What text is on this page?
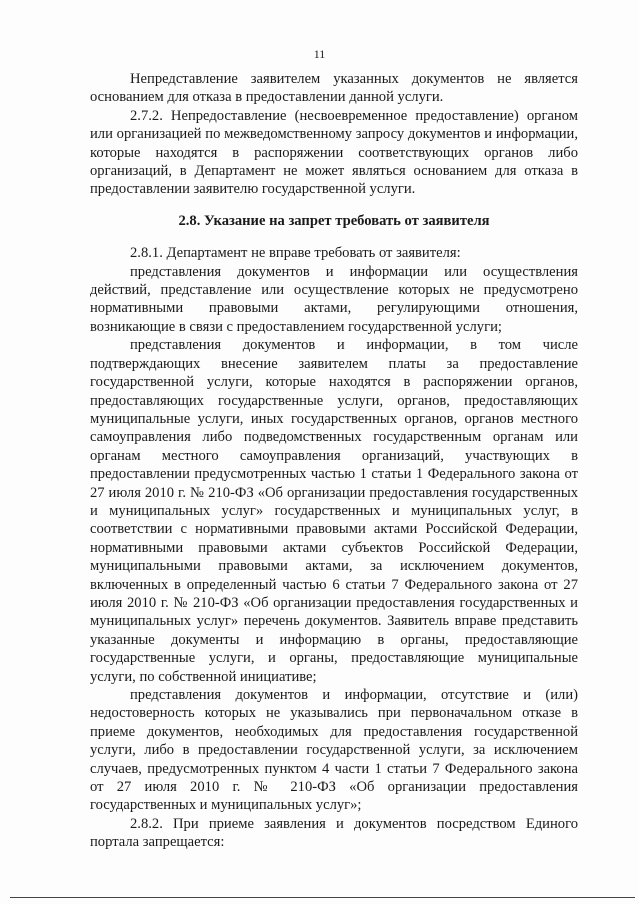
11

Непредставление заявителем указанных документов не является основанием для отказа в предоставлении данной услуги.

2.7.2. Непредоставление (несвоевременное предоставление) органом или организацией по межведомственному запросу документов и информации, которые находятся в распоряжении соответствующих органов либо организаций, в Департамент не может являться основанием для отказа в предоставлении заявителю государственной услуги.

2.8. Указание на запрет требовать от заявителя

2.8.1. Департамент не вправе требовать от заявителя:

представления документов и информации или осуществления действий, представление или осуществление которых не предусмотрено нормативными правовыми актами, регулирующими отношения, возникающие в связи с предоставлением государственной услуги;

представления документов и информации, в том числе подтверждающих внесение заявителем платы за предоставление государственной услуги, которые находятся в распоряжении органов, предоставляющих государственные услуги, органов, предоставляющих муниципальные услуги, иных государственных органов, органов местного самоуправления либо подведомственных государственным органам или органам местного самоуправления организаций, участвующих в предоставлении предусмотренных частью 1 статьи 1 Федерального закона от 27 июля 2010 г. № 210-ФЗ «Об организации предоставления государственных и муниципальных услуг» государственных и муниципальных услуг, в соответствии с нормативными правовыми актами Российской Федерации, нормативными правовыми актами субъектов Российской Федерации, муниципальными правовыми актами, за исключением документов, включенных в определенный частью 6 статьи 7 Федерального закона от 27 июля 2010 г. № 210-ФЗ «Об организации предоставления государственных и муниципальных услуг» перечень документов. Заявитель вправе представить указанные документы и информацию в органы, предоставляющие государственные услуги, и органы, предоставляющие муниципальные услуги, по собственной инициативе;

представления документов и информации, отсутствие и (или) недостоверность которых не указывались при первоначальном отказе в приеме документов, необходимых для предоставления государственной услуги, либо в предоставлении государственной услуги, за исключением случаев, предусмотренных пунктом 4 части 1 статьи 7 Федерального закона от 27 июля 2010 г. № 210-ФЗ «Об организации предоставления государственных и муниципальных услуг»;

2.8.2. При приеме заявления и документов посредством Единого портала запрещается:
